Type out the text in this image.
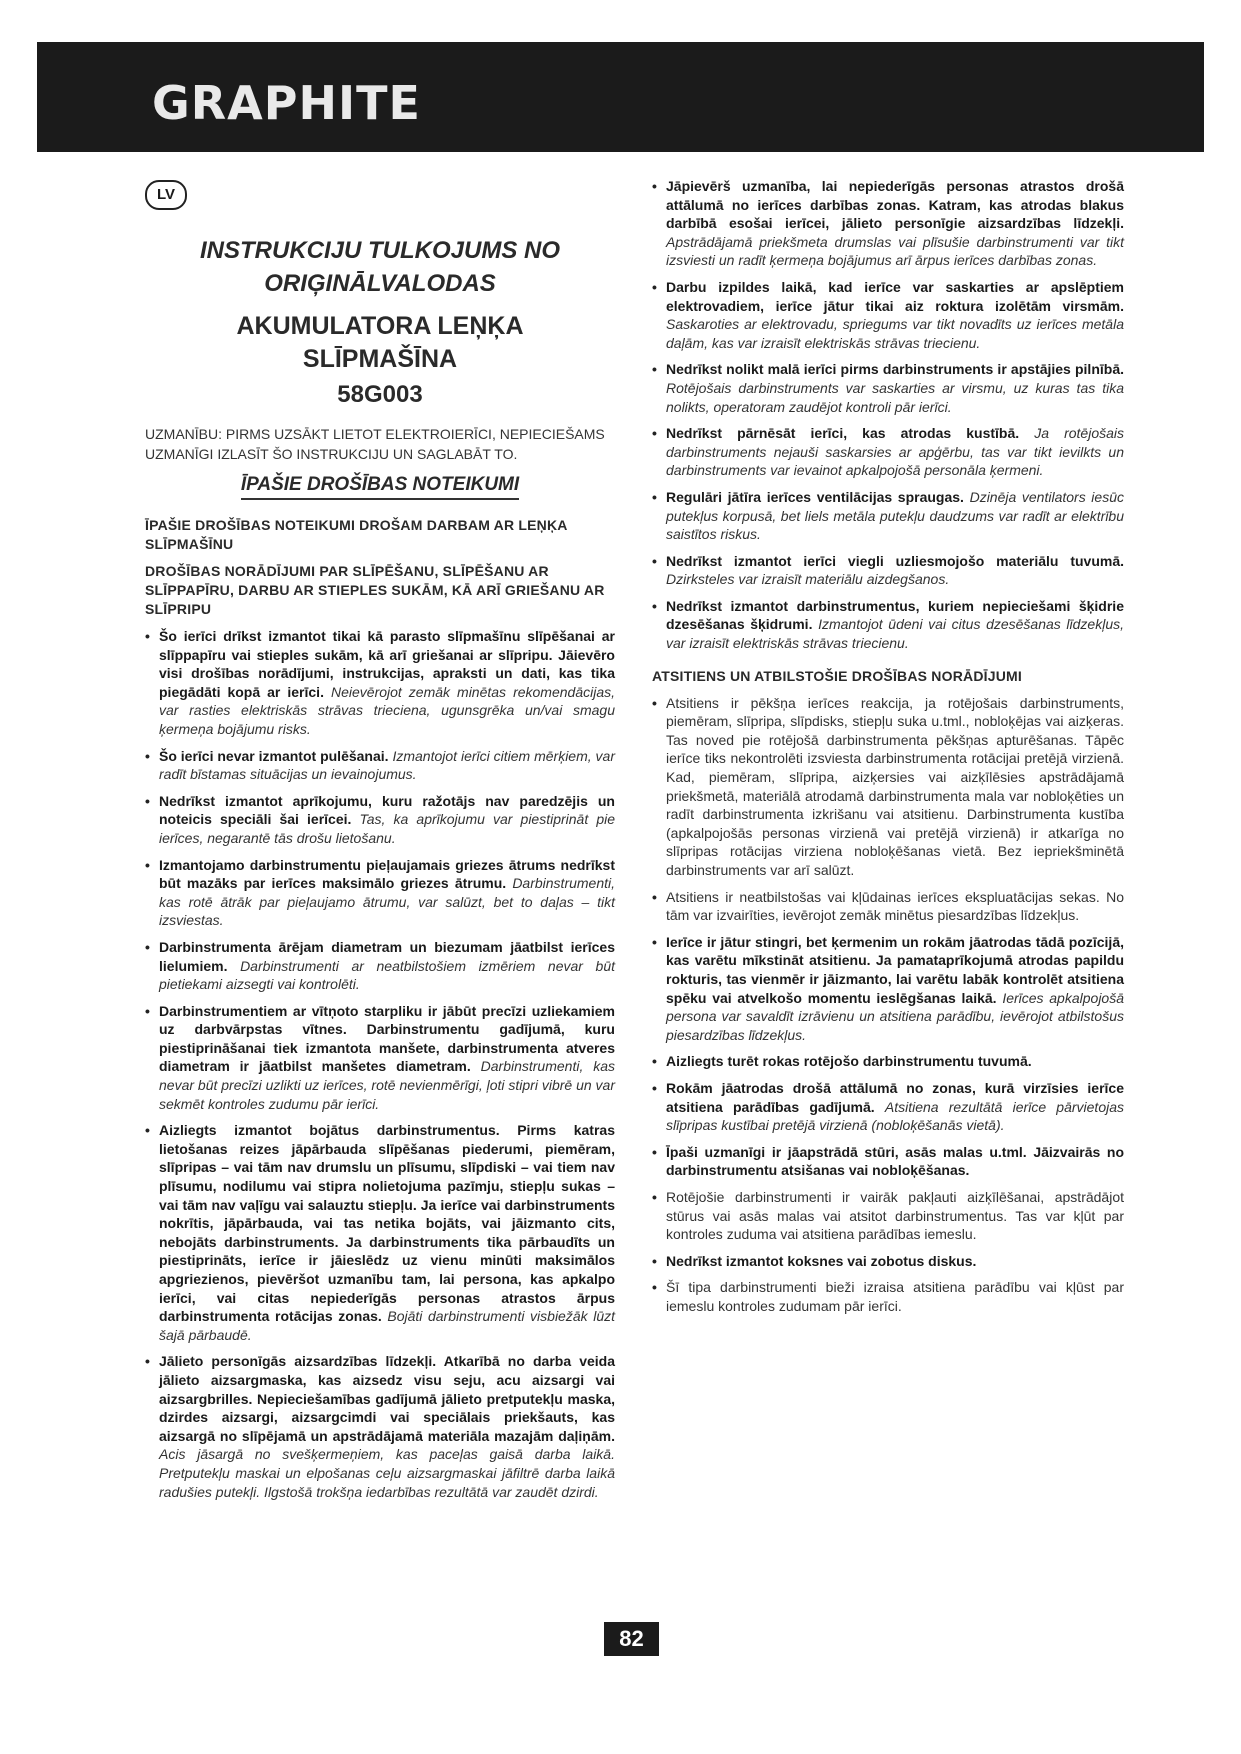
GRAPHITE
LV
INSTRUKCIJU TULKOJUMS NO
ORIĢINĀLVALODAS
AKUMULATORA LEŅĶA
SLĪPMAŠĪNA
58G003

UZMANĪBU: PIRMS UZSĀKT LIETOT ELEKTROIERĪCI, NEPIECIEŠAMS UZMANĪGI IZLASĪT ŠO INSTRUKCIJU UN SAGLABĀT TO.

ĪPAŠIE DROŠĪBAS NOTEIKUMI

ĪPAŠIE DROŠĪBAS NOTEIKUMI DROŠAM DARBAM AR LEŅĶA SLĪPMAŠĪNU

DROŠĪBAS NORĀDĪJUMI PAR SLĪPĒŠANU, SLĪPĒŠANU AR SLĪPPAPĪRU, DARBU AR STIEPLES SUKĀM, KĀ ARĪ GRIEŠANU AR SLĪPRIPU

• Šo ierīci drīkst izmantot tikai kā parasto slīpmašīnu slīpēšanai ar slīppapīru vai stieples sukām, kā arī griešanai ar slīpripu. Jāievēro visi drošības norādījumi, instrukcijas, apraksti un dati, kas tika piegādāti kopā ar ierīci. Neievērojot zemāk minētas rekomendācijas, var rasties elektriskās strāvas trieciena, ugunsgrēka un/vai smagu ķermeņa bojājumu risks.
• Šo ierīci nevar izmantot pulēšanai. Izmantojot ierīci citiem mērķiem, var radīt bīstamas situācijas un ievainojumus.
• Nedrīkst izmantot aprīkojumu, kuru ražotājs nav paredzējis un noteicis speciāli šai ierīcei. Tas, ka aprīkojumu var piestiprināt pie ierīces, negarantē tās drošu lietošanu.
• Izmantojamo darbinstrumentu pieļaujamais griezes ātrums nedrīkst būt mazāks par ierīces maksimālo griezes ātrumu. Darbinstrumenti, kas rotē ātrāk par pieļaujamo ātrumu, var salūzt, bet to daļas – tikt izsviestas.
• Darbinstrumenta ārējam diametram un biezumam jāatbilst ierīces lielumiem. Darbinstrumenti ar neatbilstošiem izmēriem nevar būt pietiekami aizsegti vai kontrolēti.
• Darbinstrumentiem ar vītņoto starpliku ir jābūt precīzi uzliekamiem uz darbvārpstas vītnes. Darbinstrumentu gadījumā, kuru piestiprināšanai tiek izmantota manšete, darbinstrumenta atveres diametram ir jāatbilst manšetes diametram. Darbinstrumenti, kas nevar būt precīzi uzlikti uz ierīces, rotē nevienmērīgi, ļoti stipri vibrē un var sekmēt kontroles zudumu pār ierīci.
• Aizliegts izmantot bojātus darbinstrumentus. Pirms katras lietošanas reizes jāpārbauda slīpēšanas piederumi, piemēram, slīpripas – vai tām nav drumslu un plīsumu, slīpdiski – vai tiem nav plīsumu, nodilumu vai stipra nolietojuma pazīmju, stiepļu sukas – vai tām nav vaļīgu vai salauztu stiepļu. Ja ierīce vai darbinstruments nokrītis, jāpārbauda, vai tas netika bojāts, vai jāizmanto cits, nebojāts darbinstruments. Ja darbinstruments tika pārbaudīts un piestiprināts, ierīce ir jāieslēdz uz vienu minūti maksimālos apgriezienos, pievēršot uzmanību tam, lai persona, kas apkalpo ierīci, vai citas nepiederīgās personas atrastos ārpus darbinstrumenta rotācijas zonas. Bojāti darbinstrumenti visbiežāk lūzt šajā pārbaudē.
• Jālieto personīgās aizsardzības līdzekļi. Atkarībā no darba veida jālieto aizsargmaska, kas aizsedz visu seju, acu aizsargi vai aizsargbrilles. Nepieciešamības gadījumā jālieto pretputekļu maska, dzirdes aizsargi, aizsargcimdi vai speciālais priekšauts, kas aizsargā no slīpējamā un apstrādājamā materiāla mazajām daļiņām. Acis jāsargā no svešķermeņiem, kas paceļas gaisā darba laikā. Pretputekļu maskai un elpošanas ceļu aizsargmaskai jāfiltrē darba laikā radušies putekļi. Ilgstošā trokšņa iedarbības rezultātā var zaudēt dzirdi.
• Jāpievērš uzmanība, lai nepiederīgās personas atrastos drošā attālumā no ierīces darbības zonas. Katram, kas atrodas blakus darbībā esošai ierīcei, jālieto personīgie aizsardzības līdzekļi. Apstrādājamā priekšmeta drumslas vai plīsušie darbinstrumenti var tikt izsviesti un radīt ķermeņa bojājumus arī ārpus ierīces darbības zonas.
• Darbu izpildes laikā, kad ierīce var saskarties ar apslēptiem elektrovadiem, ierīce jātur tikai aiz roktura izolētām virsmām. Saskaroties ar elektrovadu, spriegums var tikt novadīts uz ierīces metāla daļām, kas var izraisīt elektriskās strāvas triecienu.
• Nedrīkst nolikt malā ierīci pirms darbinstruments ir apstājies pilnībā. Rotējošais darbinstruments var saskarties ar virsmu, uz kuras tas tika nolikts, operatoram zaudējot kontroli pār ierīci.
• Nedrīkst pārnēsāt ierīci, kas atrodas kustībā. Ja rotējošais darbinstruments nejauši saskarsies ar apģērbu, tas var tikt ievilkts un darbinstruments var ievainot apkalpojošā personāla ķermeni.
• Regulāri jātīra ierīces ventilācijas spraugas. Dzinēja ventilators iesūc putekļus korpusā, bet liels metāla putekļu daudzums var radīt ar elektrību saistītos riskus.
• Nedrīkst izmantot ierīci viegli uzliesmojošo materiālu tuvumā. Dzirksteles var izraisīt materiālu aizdegšanos.
• Nedrīkst izmantot darbinstrumentus, kuriem nepieciešami šķidrie dzesēšanas šķidrumi. Izmantojot ūdeni vai citus dzesēšanas līdzekļus, var izraisīt elektriskās strāvas triecienu.

ATSITIENS UN ATBILSTOŠIE DROŠĪBAS NORĀDĪJUMI

• Atsitiens ir pēkšņa ierīces reakcija, ja rotējošais darbinstruments, piemēram, slīpripa, slīpdisks, stiepļu suka u.tml., nobloķējas vai aizķeras. Tas noved pie rotējošā darbinstrumenta pēkšņas apturēšanas. Tāpēc ierīce tiks nekontrolēti izsviesta darbinstrumenta rotācijai pretējā virzienā. Kad, piemēram, slīpripa, aizķersies vai aizķīlēsies apstrādājamā priekšmetā, materiālā atrodamā darbinstrumenta mala var nobloķēties un radīt darbinstrumenta izkrišanu vai atsitienu. Darbinstrumenta kustība (apkalpojošās personas virzienā vai pretējā virzienā) ir atkarīga no slīpripas rotācijas virziena nobloķēšanas vietā. Bez iepriekšminētā darbinstruments var arī salūzt.
• Atsitiens ir neatbilstošas vai kļūdainas ierīces ekspluatācijas sekas. No tām var izvairīties, ievērojot zemāk minētus piesardzības līdzekļus.
• Ierīce ir jātur stingri, bet ķermenim un rokām jāatrodas tādā pozīcijā, kas varētu mīkstināt atsitienu. Ja pamataprīkojumā atrodas papildu rokturis, tas vienmēr ir jāizmanto, lai varētu labāk kontrolēt atsitiena spēku vai atvelkošo momentu ieslēgšanas laikā. Ierīces apkalpojošā persona var savaldīt izrāvienu un atsitiena parādību, ievērojot atbilstošus piesardzības līdzekļus.
• Aizliegts turēt rokas rotējošo darbinstrumentu tuvumā.
• Rokām jāatrodas drošā attālumā no zonas, kurā virzīsies ierīce atsitiena parādības gadījumā. Atsitiena rezultātā ierīce pārvietojas slīpripas kustībai pretējā virzienā (nobloķēšanās vietā).
• Īpaši uzmanīgi ir jāapstrādā stūri, asās malas u.tml. Jāizvairās no darbinstrumentu atsišanas vai nobloķēšanas.
• Rotējošie darbinstrumenti ir vairāk pakļauti aizķīlēšanai, apstrādājot stūrus vai asās malas vai atsitot darbinstrumentus. Tas var kļūt par kontroles zuduma vai atsitiena parādības iemeslu.
• Nedrīkst izmantot koksnes vai zobotus diskus.
• Šī tipa darbinstrumenti bieži izraisa atsitiena parādību vai kļūst par iemeslu kontroles zudumam pār ierīci.
82
